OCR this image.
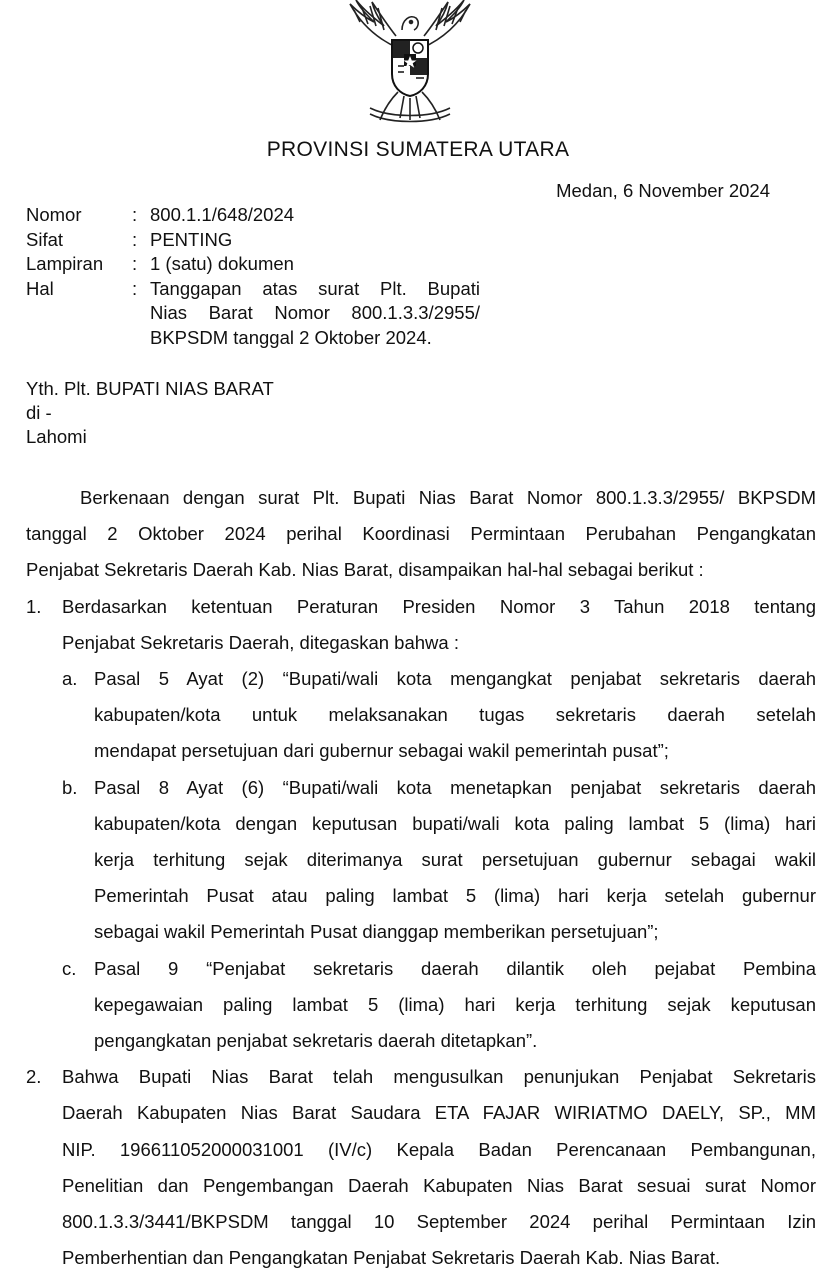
PROVINSI SUMATERA UTARA
Medan, 6 November 2024
Nomor	: 800.1.1/648/2024
Sifat	: PENTING
Lampiran	: 1 (satu) dokumen
Hal	: Tanggapan atas surat Plt. Bupati
Nias Barat Nomor 800.1.3.3/2955/
BKPSDM tanggal 2 Oktober 2024.
Yth. Plt. BUPATI NIAS BARAT
di -
Lahomi
Berkenaan dengan surat Plt. Bupati Nias Barat Nomor 800.1.3.3/2955/ BKPSDM
tanggal 2 Oktober 2024 perihal Koordinasi Permintaan Perubahan Pengangkatan
Penjabat Sekretaris Daerah Kab. Nias Barat, disampaikan hal-hal sebagai berikut :
1.	Berdasarkan ketentuan Peraturan Presiden Nomor 3 Tahun 2018 tentang
Penjabat Sekretaris Daerah, ditegaskan bahwa :
a. Pasal 5 Ayat (2) “Bupati/wali kota mengangkat penjabat sekretaris daerah
kabupaten/kota untuk melaksanakan tugas sekretaris daerah setelah
mendapat persetujuan dari gubernur sebagai wakil pemerintah pusat”;
b. Pasal 8 Ayat (6) “Bupati/wali kota menetapkan penjabat sekretaris daerah
kabupaten/kota dengan keputusan bupati/wali kota paling lambat 5 (lima) hari
kerja terhitung sejak diterimanya surat persetujuan gubernur sebagai wakil
Pemerintah Pusat atau paling lambat 5 (lima) hari kerja setelah gubernur
sebagai wakil Pemerintah Pusat dianggap memberikan persetujuan”;
c. Pasal 9 “Penjabat sekretaris daerah dilantik oleh pejabat Pembina
kepegawaian paling lambat 5 (lima) hari kerja terhitung sejak keputusan
pengangkatan penjabat sekretaris daerah ditetapkan”.
2.	Bahwa Bupati Nias Barat telah mengusulkan penunjukan Penjabat Sekretaris
Daerah Kabupaten Nias Barat Saudara ETA FAJAR WIRIATMO DAELY, SP., MM
NIP. 196611052000031001 (IV/c) Kepala Badan Perencanaan Pembangunan,
Penelitian dan Pengembangan Daerah Kabupaten Nias Barat sesuai surat Nomor
800.1.3.3/3441/BKPSDM tanggal 10 September 2024 perihal Permintaan Izin
Pemberhentian dan Pengangkatan Penjabat Sekretaris Daerah Kab. Nias Barat.
